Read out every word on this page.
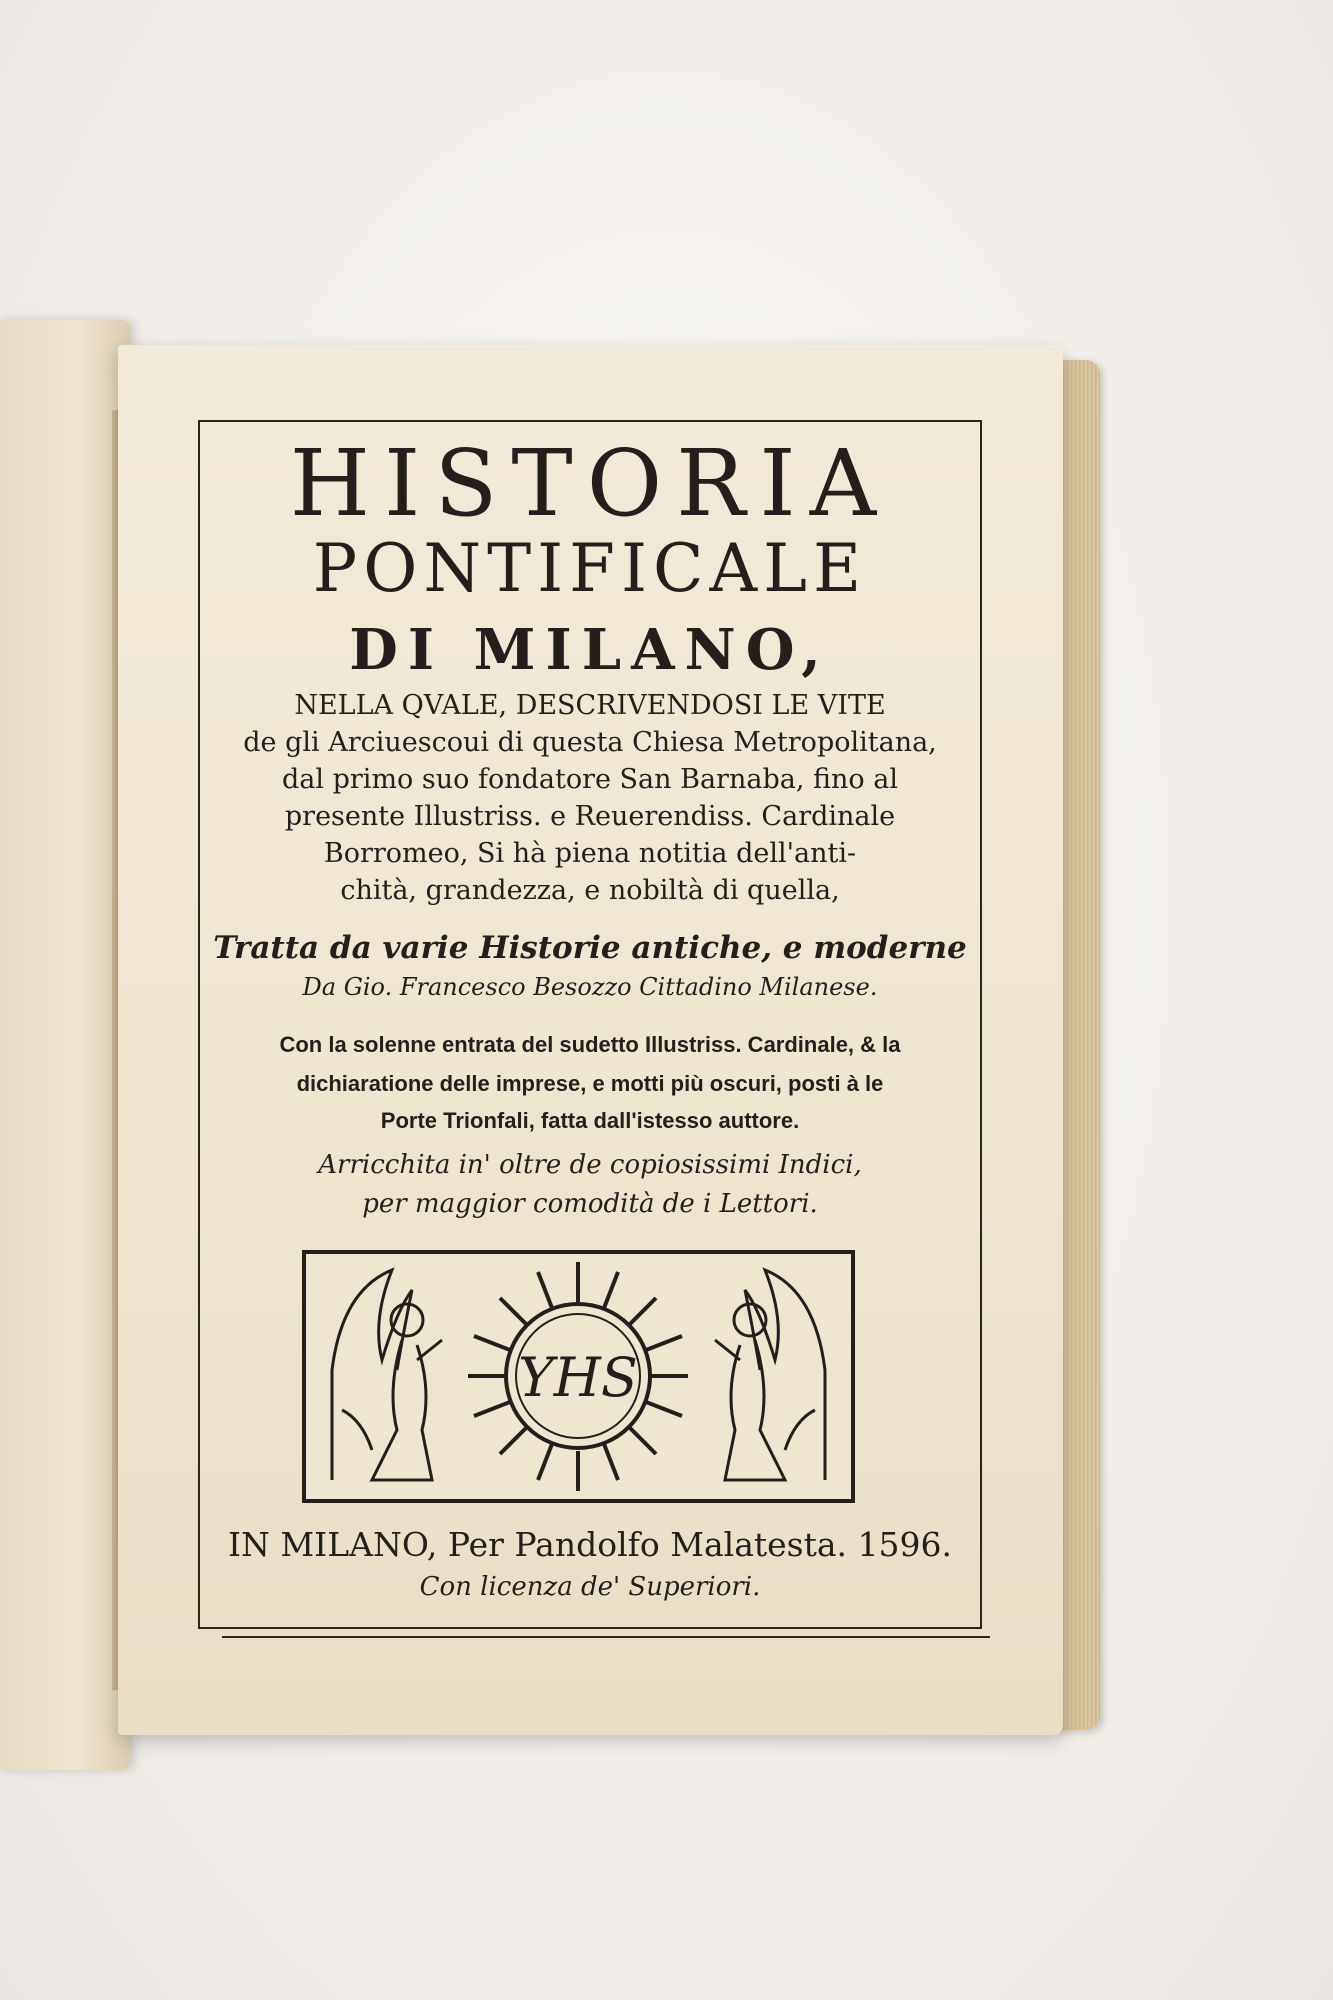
HISTORIA
PONTIFICALE
DI MILANO,
NELLA QVALE, DESCRIVENDOSI LE VITE
de gli Arciuescoui di questa Chiesa Metropolitana,
dal primo suo fondatore San Barnaba, fino al
presente Illustriss. e Reuerendiss. Cardinale
Borromeo, Si hà piena notitia dell'anti-
chità, grandezza, e nobiltà di quella,
Tratta da varie Historie antiche, e moderne
Da Gio. Francesco Besozzo Cittadino Milanese.
Con la solenne entrata del sudetto Illustriss. Cardinale, & la
dichiaratione delle imprese, e motti più oscuri, posti à le
Porte Trionfali, fatta dall'istesso auttore.
Arricchita in' oltre de copiosissimi Indici,
per maggior comodità de i Lettori.
YHS
IN MILANO, Per Pandolfo Malatesta. 1596.
Con licenza de' Superiori.
